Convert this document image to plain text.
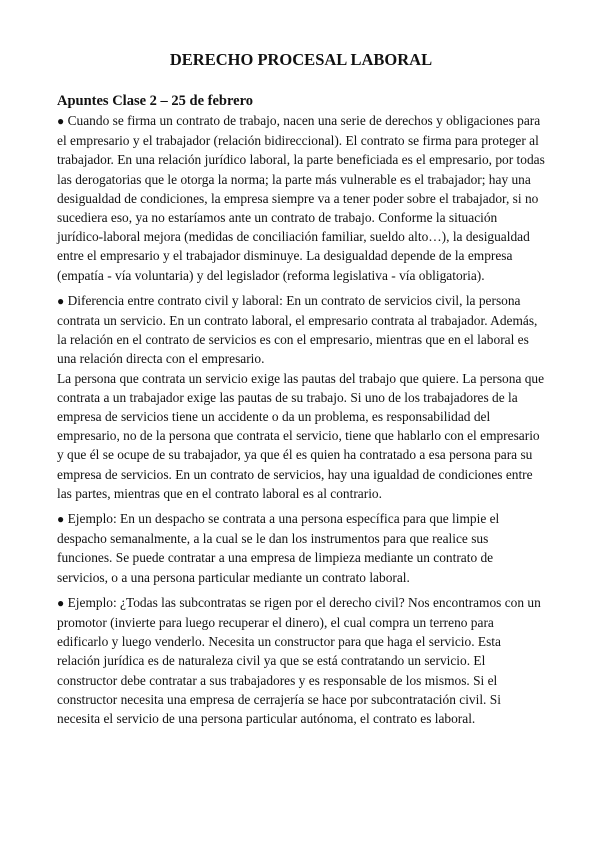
DERECHO PROCESAL LABORAL
Apuntes Clase 2 – 25 de febrero
● Cuando se firma un contrato de trabajo, nacen una serie de derechos y obligaciones para el empresario y el trabajador (relación bidireccional). El contrato se firma para proteger al trabajador. En una relación jurídico laboral, la parte beneficiada es el empresario, por todas las derogatorias que le otorga la norma; la parte más vulnerable es el trabajador; hay una desigualdad de condiciones, la empresa siempre va a tener poder sobre el trabajador, si no sucediera eso, ya no estaríamos ante un contrato de trabajo. Conforme la situación jurídico-laboral mejora (medidas de conciliación familiar, sueldo alto…), la desigualdad entre el empresario y el trabajador disminuye. La desigualdad depende de la empresa (empatía - vía voluntaria) y del legislador (reforma legislativa - vía obligatoria).
● Diferencia entre contrato civil y laboral: En un contrato de servicios civil, la persona contrata un servicio. En un contrato laboral, el empresario contrata al trabajador. Además, la relación en el contrato de servicios es con el empresario, mientras que en el laboral es una relación directa con el empresario.
La persona que contrata un servicio exige las pautas del trabajo que quiere. La persona que contrata a un trabajador exige las pautas de su trabajo. Si uno de los trabajadores de la empresa de servicios tiene un accidente o da un problema, es responsabilidad del empresario, no de la persona que contrata el servicio, tiene que hablarlo con el empresario y que él se ocupe de su trabajador, ya que él es quien ha contratado a esa persona para su empresa de servicios. En un contrato de servicios, hay una igualdad de condiciones entre las partes, mientras que en el contrato laboral es al contrario.
● Ejemplo: En un despacho se contrata a una persona específica para que limpie el despacho semanalmente, a la cual se le dan los instrumentos para que realice sus funciones. Se puede contratar a una empresa de limpieza mediante un contrato de servicios, o a una persona particular mediante un contrato laboral.
● Ejemplo: ¿Todas las subcontratas se rigen por el derecho civil? Nos encontramos con un promotor (invierte para luego recuperar el dinero), el cual compra un terreno para edificarlo y luego venderlo. Necesita un constructor para que haga el servicio. Esta relación jurídica es de naturaleza civil ya que se está contratando un servicio. El constructor debe contratar a sus trabajadores y es responsable de los mismos. Si el constructor necesita una empresa de cerrajería se hace por subcontratación civil. Si necesita el servicio de una persona particular autónoma, el contrato es laboral.
